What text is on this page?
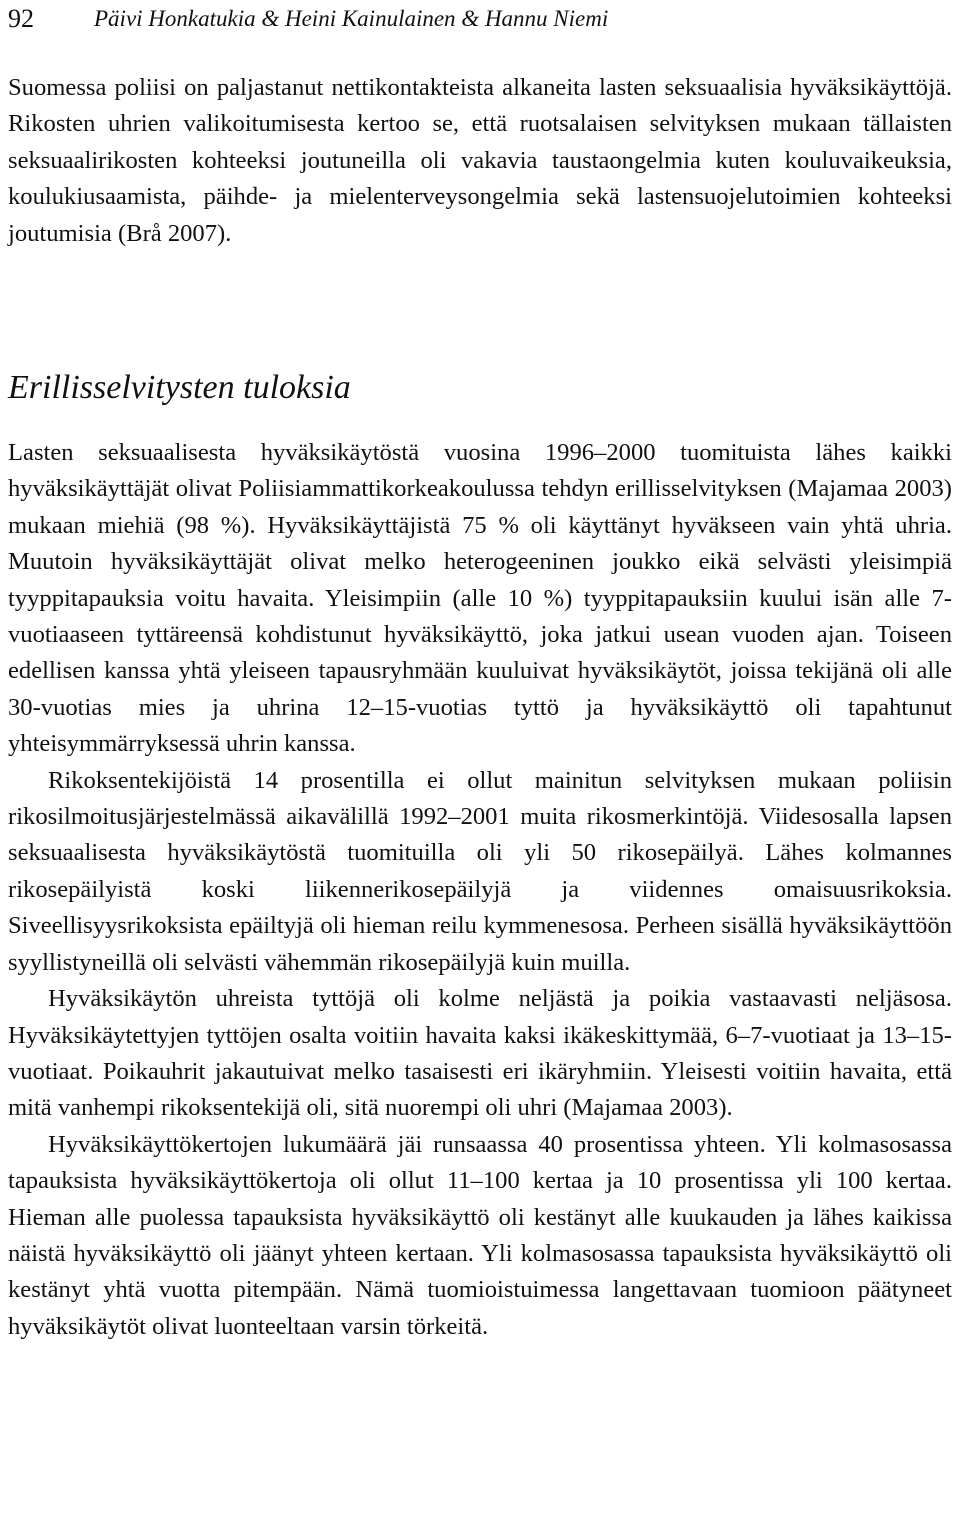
92	Päivi Honkatukia & Heini Kainulainen & Hannu Niemi

Suomessa poliisi on paljastanut nettikontakteista alkaneita lasten seksuaalisia hyväksikäyttöjä. Rikosten uhrien valikoitumisesta kertoo se, että ruotsalaisen selvityksen mukaan tällaisten seksuaalirikosten kohteeksi joutuneilla oli vakavia taustaongelmia kuten kouluvaikeuksia, koulukiusaamista, päihde- ja mielenterveysongelmia sekä lastensuojelutoimien kohteeksi joutumisia (Brå 2007).

Erillisselvitysten tuloksia

Lasten seksuaalisesta hyväksikäytöstä vuosina 1996–2000 tuomituista lähes kaikki hyväksikäyttäjät olivat Poliisiammattikorkeakoulussa tehdyn erillisselvityksen (Majamaa 2003) mukaan miehiä (98 %). Hyväksikäyttäjistä 75 % oli käyttänyt hyväkseen vain yhtä uhria. Muutoin hyväksikäyttäjät olivat melko heterogeeninen joukko eikä selvästi yleisimpiä tyyppitapauksia voitu havaita. Yleisimpiin (alle 10 %) tyyppitapauksiin kuului isän alle 7-vuotiaaseen tyttäreensä kohdistunut hyväksikäyttö, joka jatkui usean vuoden ajan. Toiseen edellisen kanssa yhtä yleiseen tapausryhmään kuuluivat hyväksikäytöt, joissa tekijänä oli alle 30-vuotias mies ja uhrina 12–15-vuotias tyttö ja hyväksikäyttö oli tapahtunut yhteisymmärryksessä uhrin kanssa.

Rikoksentekijöistä 14 prosentilla ei ollut mainitun selvityksen mukaan poliisin rikosilmoitusjärjestelmässä aikavälillä 1992–2001 muita rikosmerkintöjä. Viidesosalla lapsen seksuaalisesta hyväksikäytöstä tuomituilla oli yli 50 rikosepäilyä. Lähes kolmannes rikosepäilyistä koski liikennerikosepäilyjä ja viidennes omaisuusrikoksia. Siveellisyysrikoksista epäiltyjä oli hieman reilu kymmenesosa. Perheen sisällä hyväksikäyttöön syyllistyneillä oli selvästi vähemmän rikosepäilyjä kuin muilla.

Hyväksikäytön uhreista tyttöjä oli kolme neljästä ja poikia vastaavasti neljäsosa. Hyväksikäytettyjen tyttöjen osalta voitiin havaita kaksi ikäkeskittymää, 6–7-vuotiaat ja 13–15-vuotiaat. Poikauhrit jakautuivat melko tasaisesti eri ikäryhmiin. Yleisesti voitiin havaita, että mitä vanhempi rikoksentekijä oli, sitä nuorempi oli uhri (Majamaa 2003).

Hyväksikäyttökertojen lukumäärä jäi runsaassa 40 prosentissa yhteen. Yli kolmasosassa tapauksista hyväksikäyttökertoja oli ollut 11–100 kertaa ja 10 prosentissa yli 100 kertaa. Hieman alle puolessa tapauksista hyväksikäyttö oli kestänyt alle kuukauden ja lähes kaikissa näistä hyväksikäyttö oli jäänyt yhteen kertaan. Yli kolmasosassa tapauksista hyväksikäyttö oli kestänyt yhtä vuotta pitempään. Nämä tuomioistuimessa langettavaan tuomioon päätyneet hyväksikäytöt olivat luonteeltaan varsin törkeitä.
